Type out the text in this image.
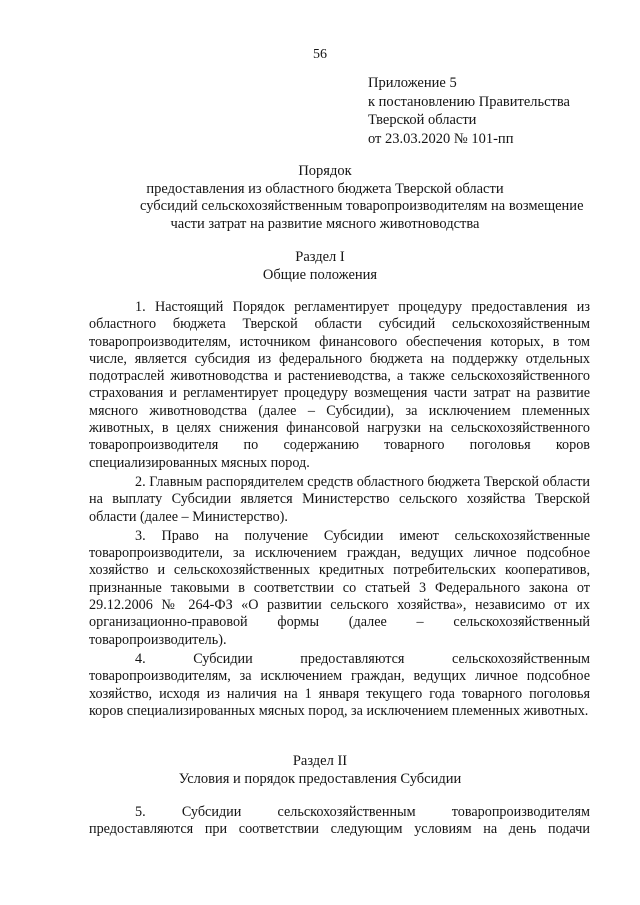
56
Приложение 5
к постановлению Правительства
Тверской области
от 23.03.2020 № 101-пп
Порядок
предоставления из областного бюджета Тверской области
субсидий сельскохозяйственным товаропроизводителям на возмещение
части затрат на развитие мясного животноводства
Раздел I
Общие положения

1. Настоящий Порядок регламентирует процедуру предоставления из областного бюджета Тверской области субсидий сельскохозяйственным товаропроизводителям, источником финансового обеспечения которых, в том числе, является субсидия из федерального бюджета на поддержку отдельных подотраслей животноводства и растениеводства, а также сельскохозяйственного страхования и регламентирует процедуру возмещения части затрат на развитие мясного животноводства (далее – Субсидии), за исключением племенных животных, в целях снижения финансовой нагрузки на сельскохозяйственного товаропроизводителя по содержанию товарного поголовья коров специализированных мясных пород.

2. Главным распорядителем средств областного бюджета Тверской области на выплату Субсидии является Министерство сельского хозяйства Тверской области (далее – Министерство).

3. Право на получение Субсидии имеют сельскохозяйственные товаропроизводители, за исключением граждан, ведущих личное подсобное хозяйство и сельскохозяйственных кредитных потребительских кооперативов, признанные таковыми в соответствии со статьей 3 Федерального закона от 29.12.2006 № 264-ФЗ «О развитии сельского хозяйства», независимо от их организационно-правовой формы (далее – сельскохозяйственный товаропроизводитель).

4. Субсидии предоставляются сельскохозяйственным товаропроизводителям, за исключением граждан, ведущих личное подсобное хозяйство, исходя из наличия на 1 января текущего года товарного поголовья коров специализированных мясных пород, за исключением племенных животных.

Раздел II
Условия и порядок предоставления Субсидии

5. Субсидии сельскохозяйственным товаропроизводителям

предоставляются при соответствии следующим условиям на день подачи
